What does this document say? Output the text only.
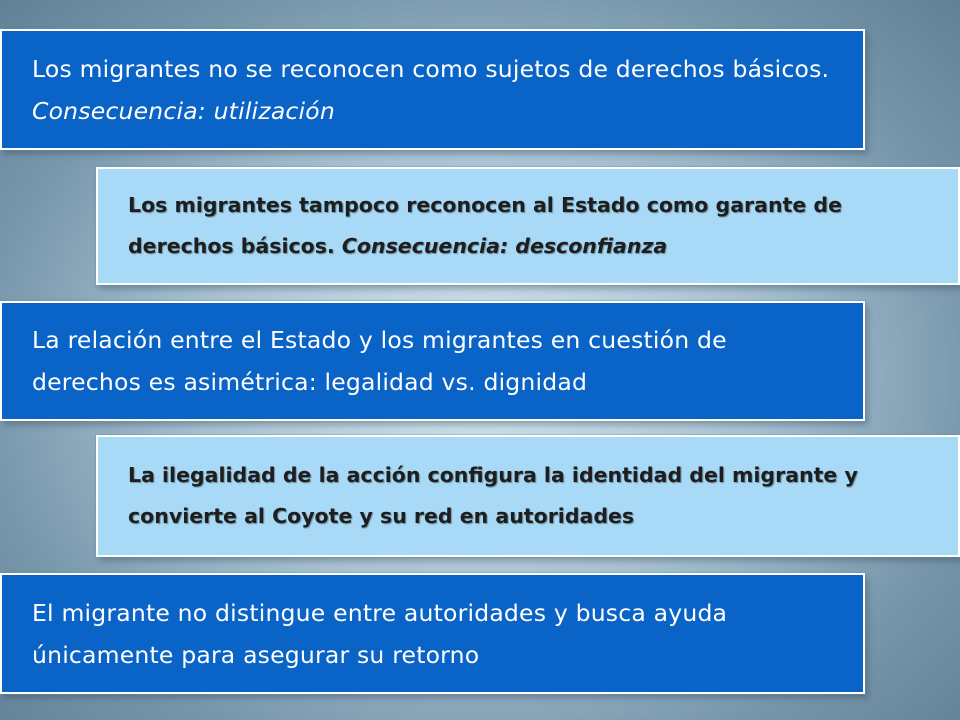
Los migrantes no se reconocen como sujetos de derechos básicos. Consecuencia: utilización
Los migrantes tampoco reconocen al Estado como garante de derechos básicos. Consecuencia: desconfianza
La relación entre el Estado y los migrantes en cuestión de derechos es asimétrica: legalidad vs. dignidad
La ilegalidad de la acción configura la identidad del migrante y convierte al Coyote y su red en autoridades
El migrante no distingue entre autoridades y busca ayuda únicamente para asegurar su retorno
